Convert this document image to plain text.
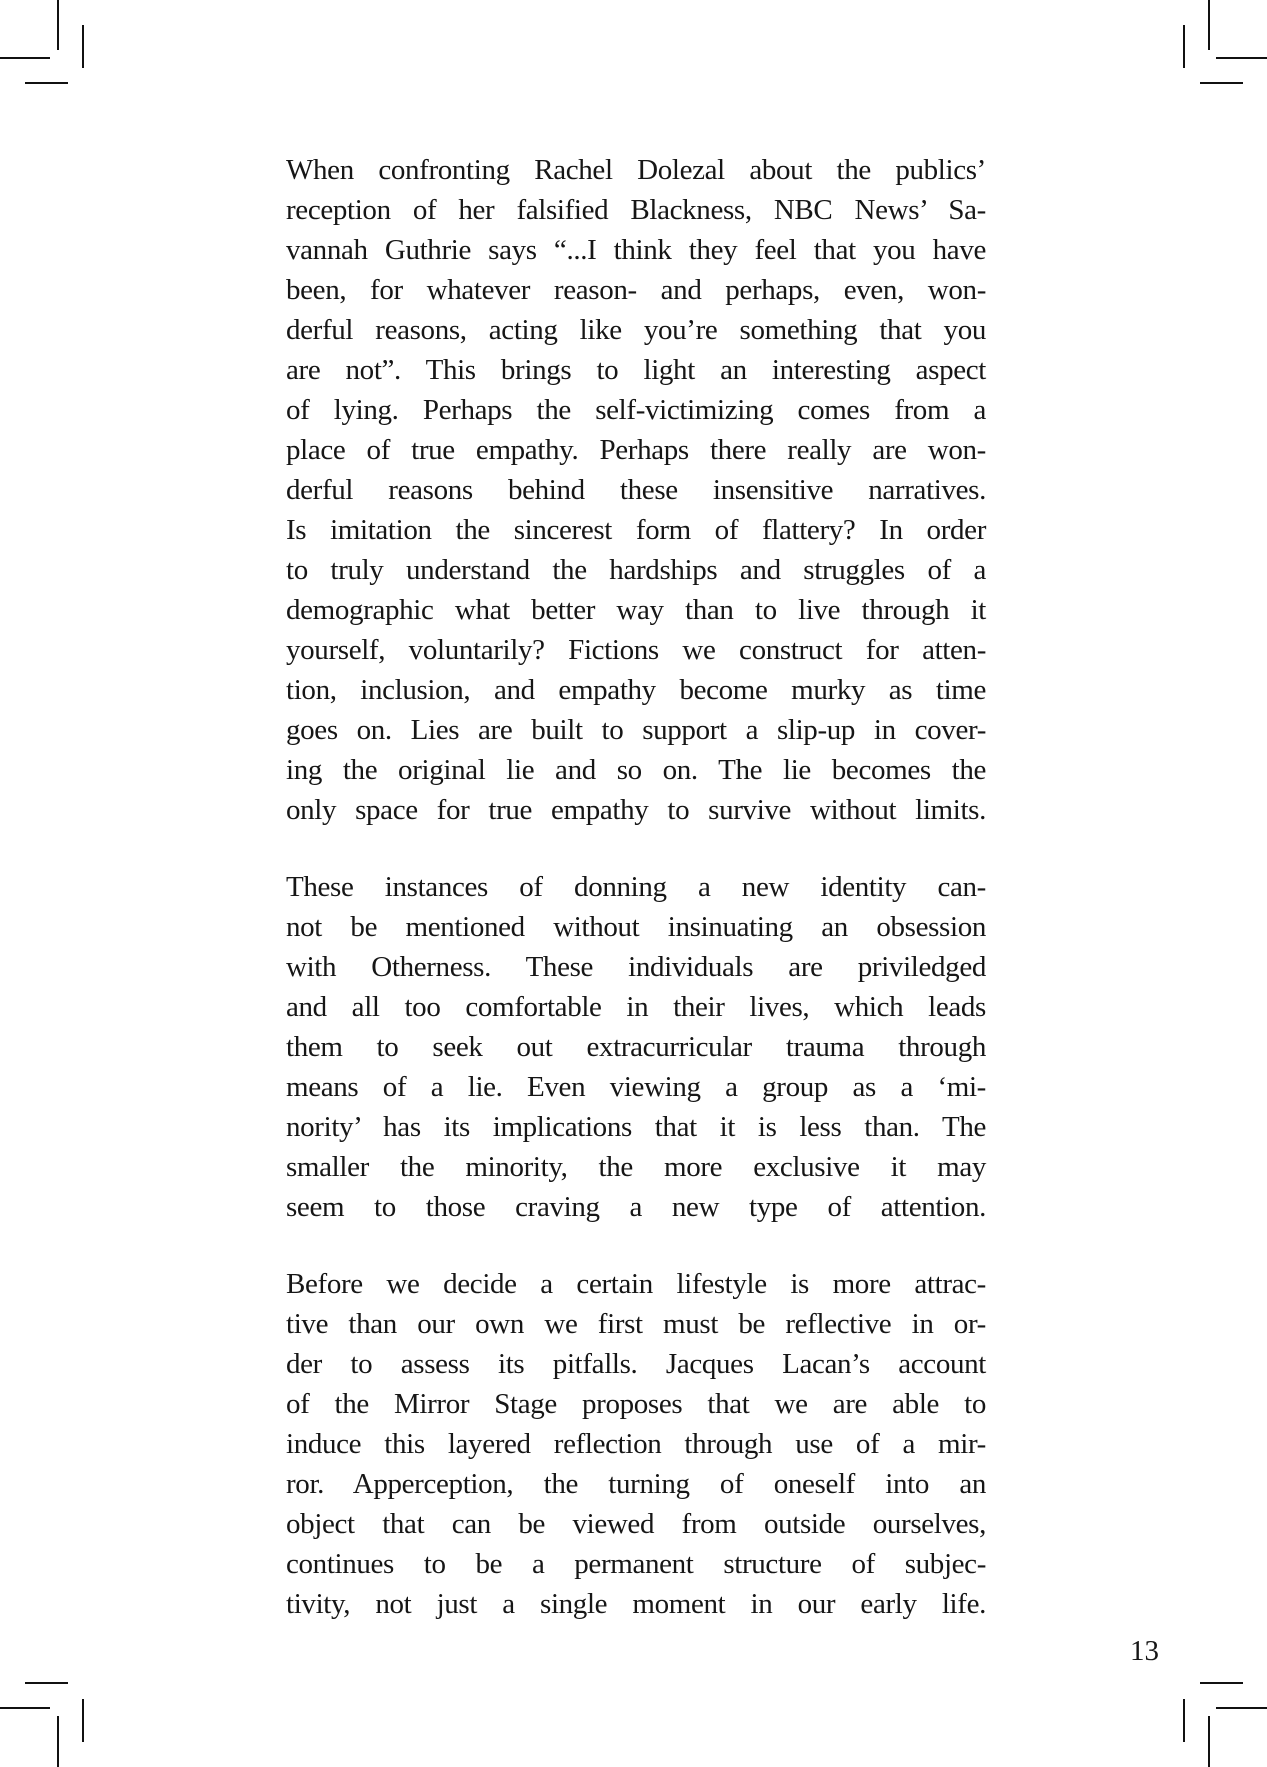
When confronting Rachel Dolezal about the publics’
reception of her falsified Blackness, NBC News’ Sa-
vannah Guthrie says “...I think they feel that you have
been, for whatever reason- and perhaps, even, won-
derful reasons, acting like you’re something that you
are not”. This brings to light an interesting aspect
of lying. Perhaps the self-victimizing comes from a
place of true empathy. Perhaps there really are won-
derful reasons behind these insensitive narratives.
Is imitation the sincerest form of flattery? In order
to truly understand the hardships and struggles of a
demographic what better way than to live through it
yourself, voluntarily? Fictions we construct for atten-
tion, inclusion, and empathy become murky as time
goes on. Lies are built to support a slip-up in cover-
ing the original lie and so on. The lie becomes the
only space for true empathy to survive without limits.
These instances of donning a new identity can-
not be mentioned without insinuating an obsession
with Otherness. These individuals are priviledged
and all too comfortable in their lives, which leads
them to seek out extracurricular trauma through
means of a lie. Even viewing a group as a ‘mi-
nority’ has its implications that it is less than. The
smaller the minority, the more exclusive it may
seem to those craving a new type of attention.
Before we decide a certain lifestyle is more attrac-
tive than our own we first must be reflective in or-
der to assess its pitfalls. Jacques Lacan’s account
of the Mirror Stage proposes that we are able to
induce this layered reflection through use of a mir-
ror. Apperception, the turning of oneself into an
object that can be viewed from outside ourselves,
continues to be a permanent structure of subjec-
tivity, not just a single moment in our early life.
13
